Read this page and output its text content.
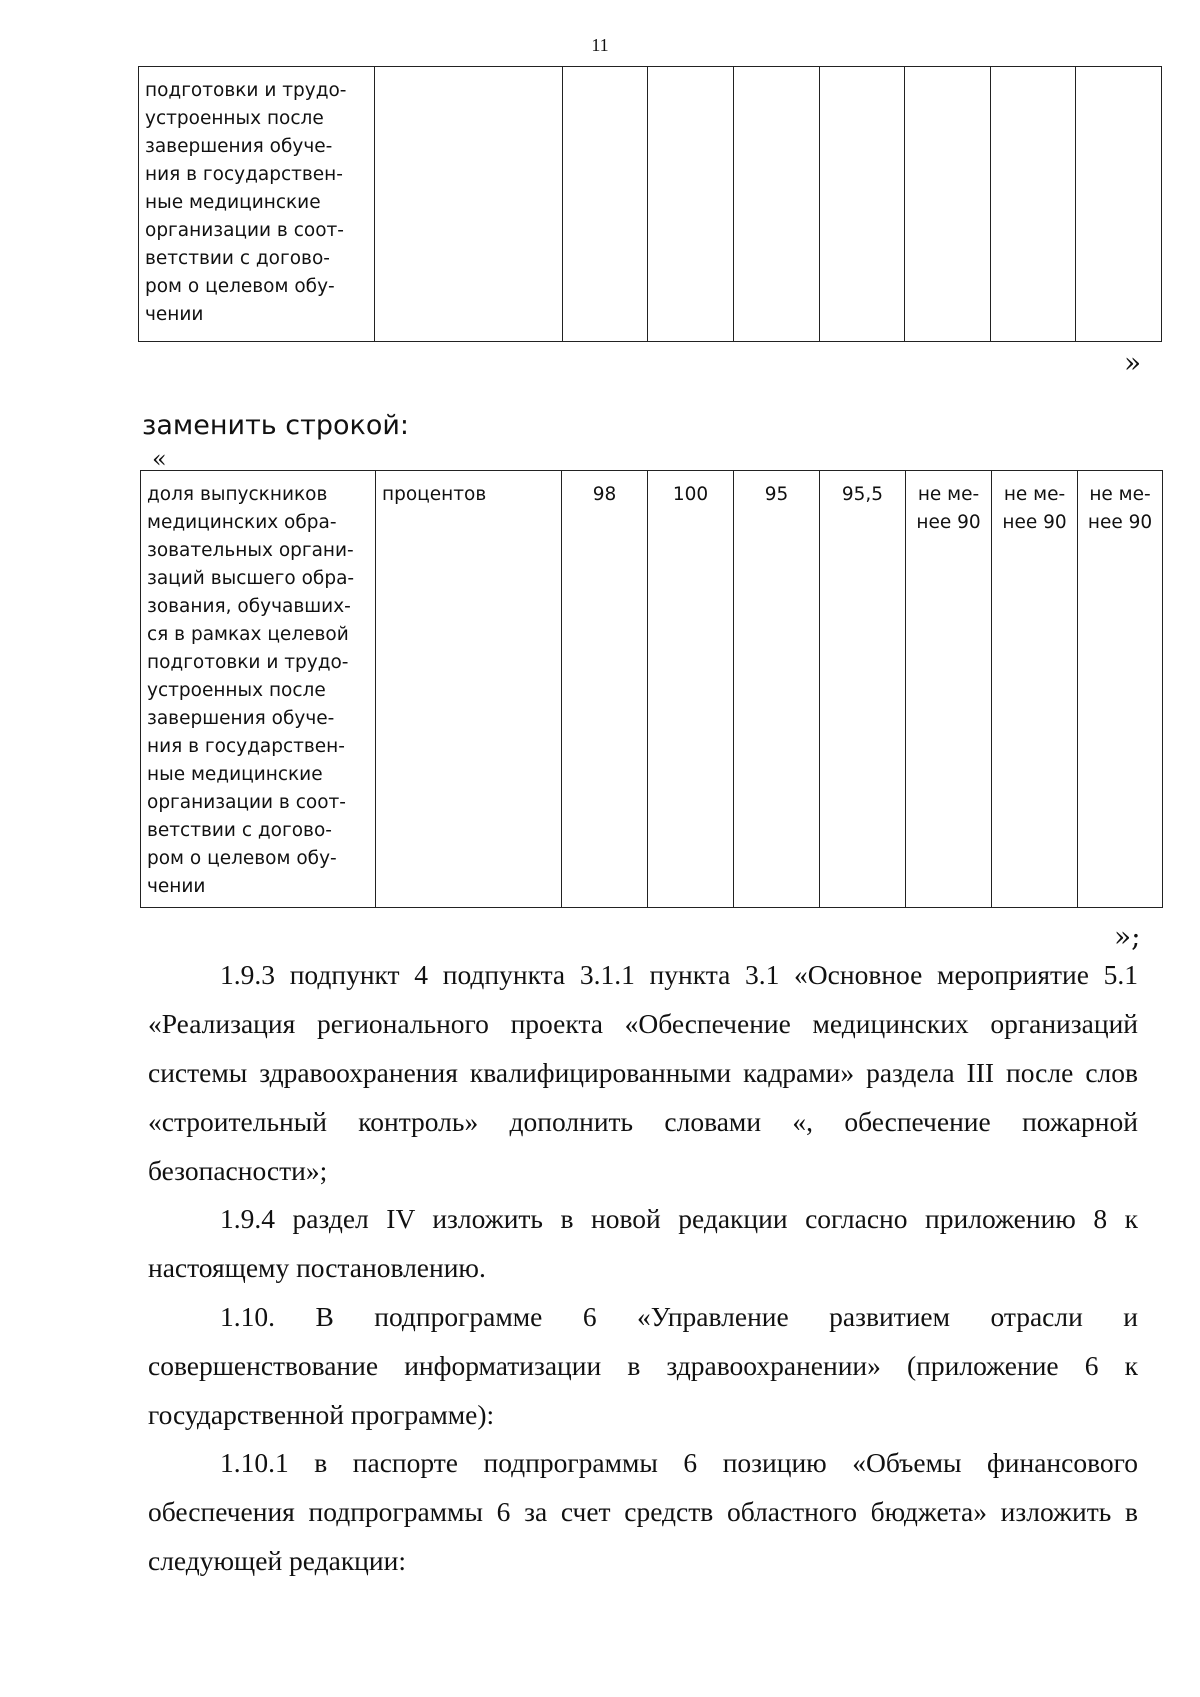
11
подготовки и трудо-
устроенных после
завершения обуче-
ния в государствен-
ные медицинские
организации в соот-
ветствии с догово-
ром о целевом обу-
чении								
»
заменить строкой:
«
доля выпускников
медицинских обра-
зовательных органи-
заций высшего обра-
зования, обучавших-
ся в рамках целевой
подготовки и трудо-
устроенных после
завершения обуче-
ния в государствен-
ные медицинские
организации в соот-
ветствии с догово-
ром о целевом обу-
чении	процентов	98	100	95	95,5	не ме-
нее 90	не ме-
нее 90	не ме-
нее 90
»;

1.9.3 подпункт 4 подпункта 3.1.1 пункта 3.1 «Основное мероприятие 5.1 «Реализация регионального проекта «Обеспечение медицинских организаций системы здравоохранения квалифицированными кадрами» раздела III после слов «строительный контроль» дополнить словами «, обеспечение пожарной безопасности»;

1.9.4 раздел IV изложить в новой редакции согласно приложению 8 к настоящему постановлению.

1.10. В подпрограмме 6 «Управление развитием отрасли и совершенствование информатизации в здравоохранении» (приложение 6 к государственной программе):

1.10.1 в паспорте подпрограммы 6 позицию «Объемы финансового обеспечения подпрограммы 6 за счет средств областного бюджета» изложить в следующей редакции:
